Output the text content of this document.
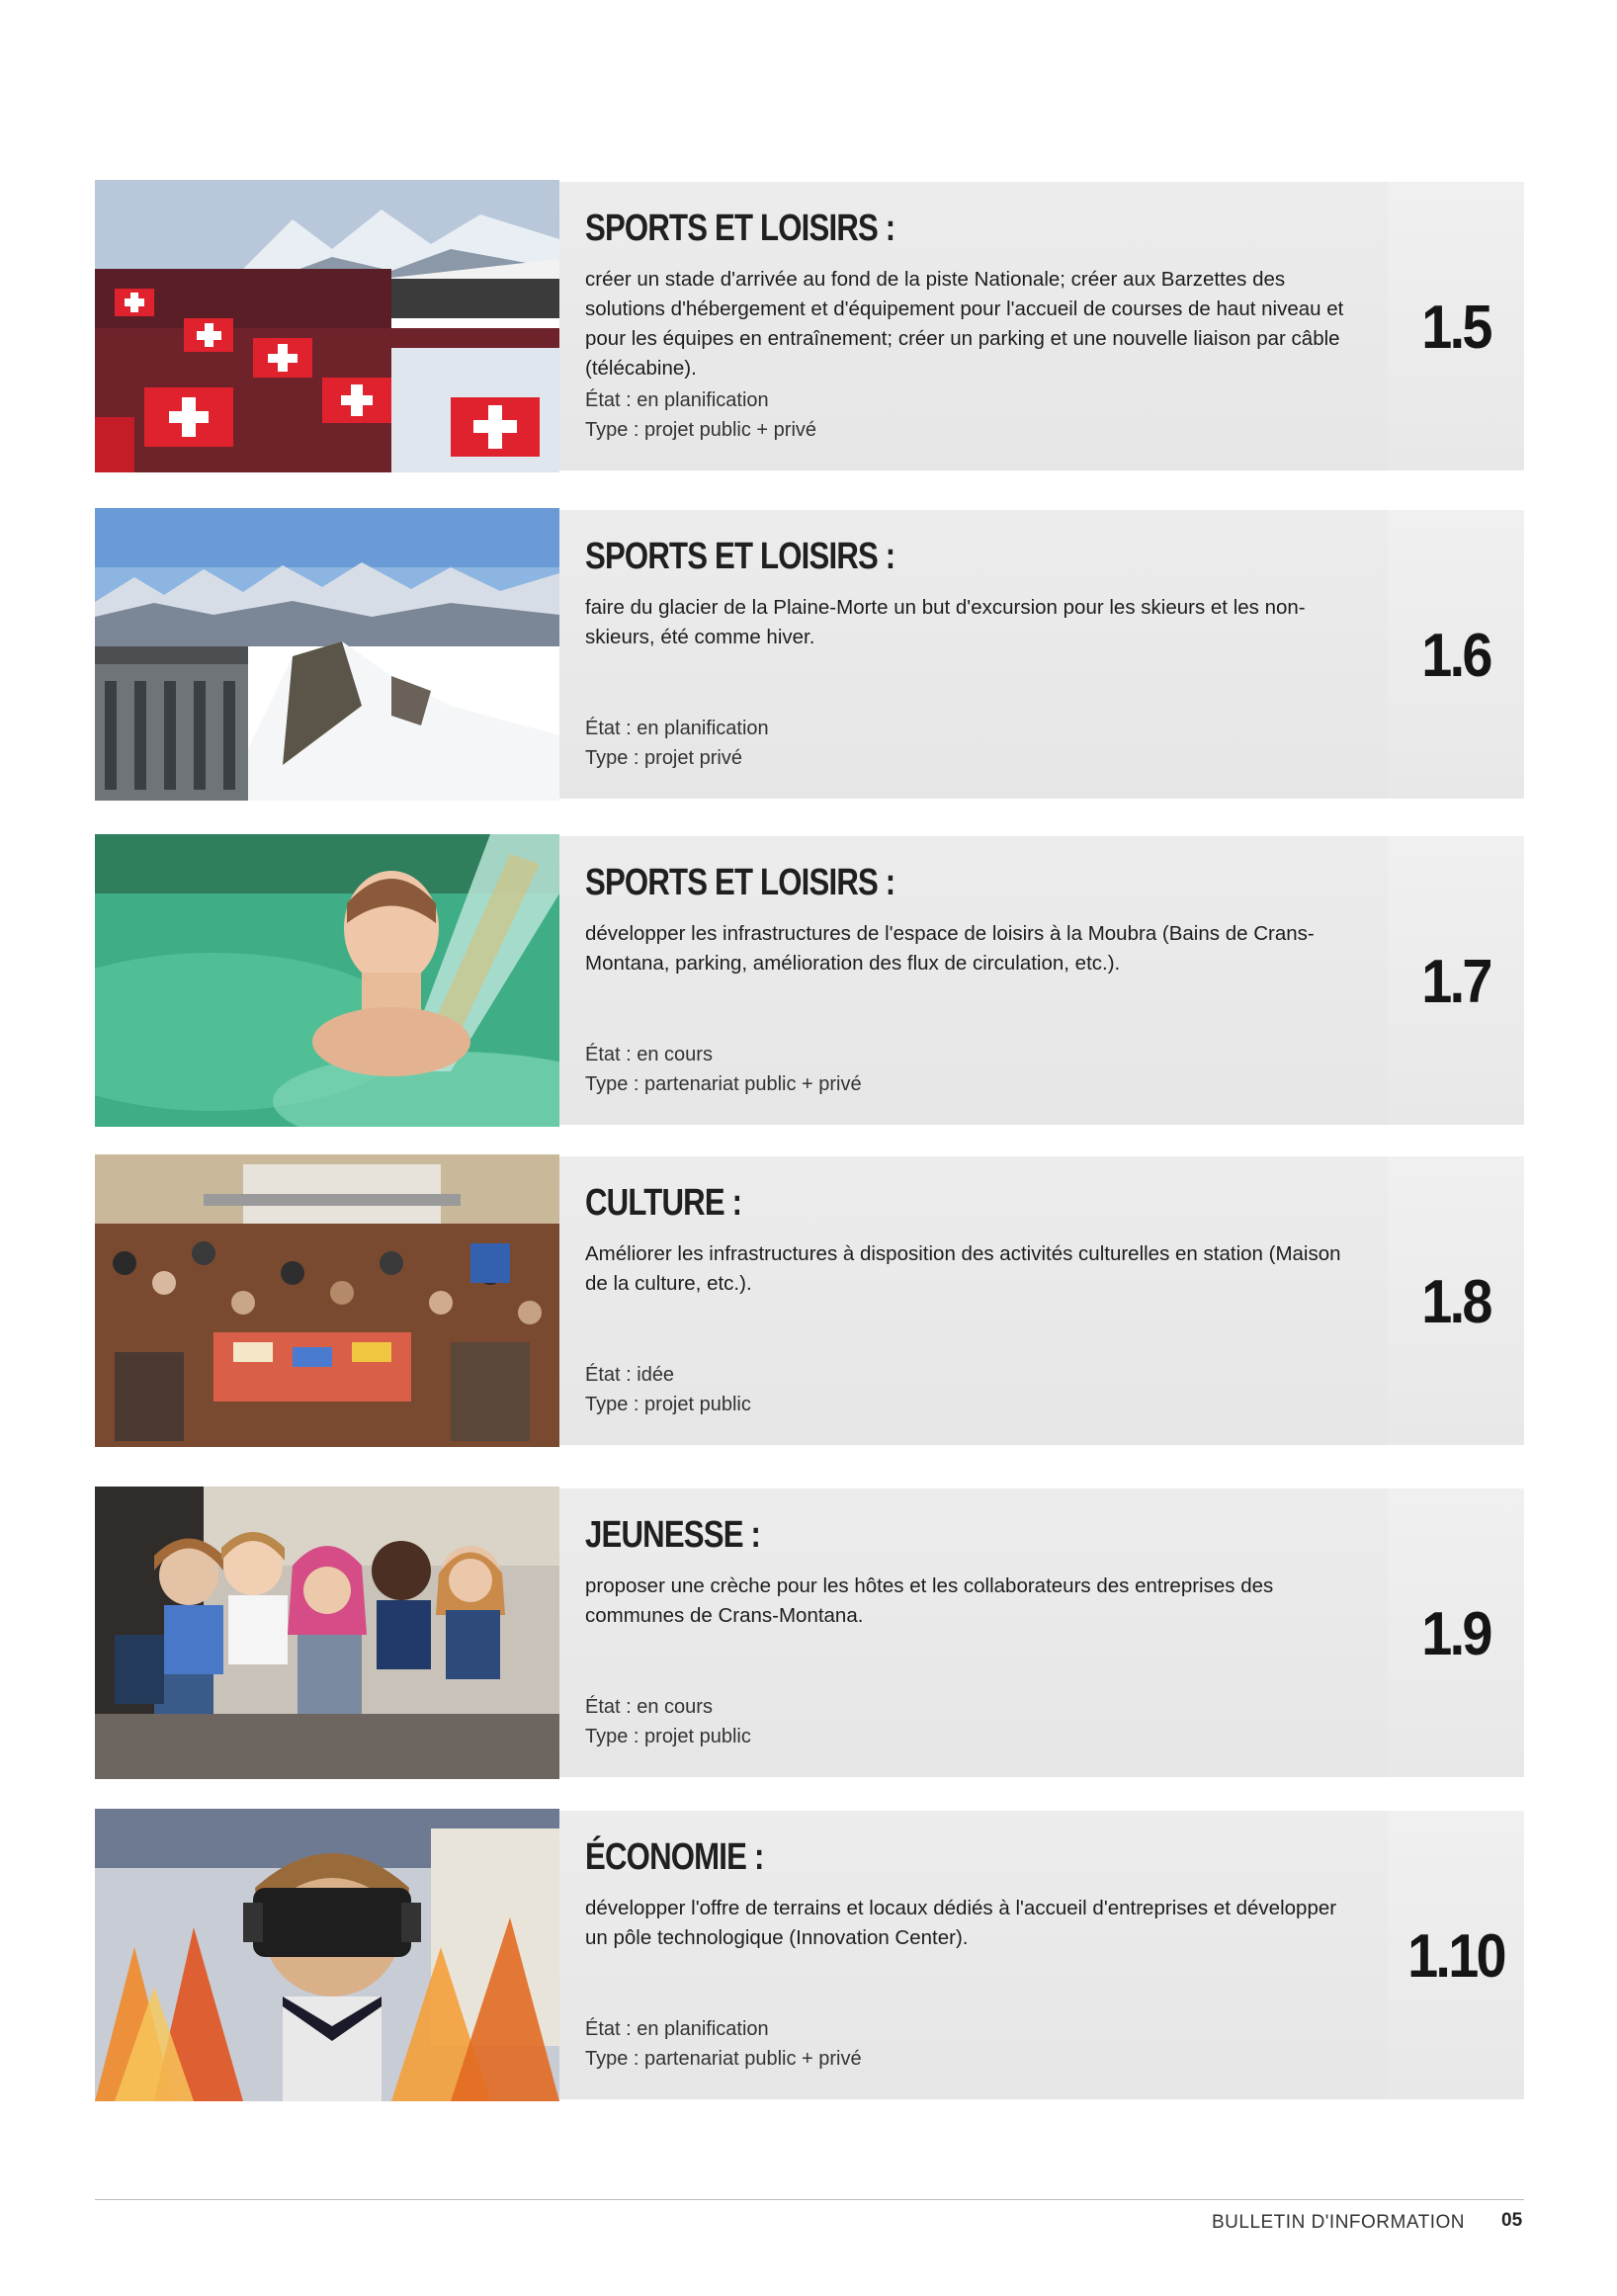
SPORTS ET LOISIRS :

créer un stade d'arrivée au fond de la piste Nationale; créer aux Barzettes des solutions d'hébergement et d'équipement pour l'accueil de courses de haut niveau et pour les équipes en entraînement; créer un parking et une nouvelle liaison par câble (télécabine).

État : en planification
Type : projet public + privé
1.5
SPORTS ET LOISIRS :

faire du glacier de la Plaine-Morte un but d'excursion pour les skieurs et les non-skieurs, été comme hiver.

État : en planification
Type : projet privé
1.6
SPORTS ET LOISIRS :

développer les infrastructures de l'espace de loisirs à la Moubra (Bains de Crans-Montana, parking, amélioration des flux de circulation, etc.).

État : en cours
Type : partenariat public + privé
1.7
CULTURE :

Améliorer les infrastructures à disposition des activités culturelles en station (Maison de la culture, etc.).

État : idée
Type : projet public
1.8
JEUNESSE :

proposer une crèche pour les hôtes et les collaborateurs des entreprises des communes de Crans-Montana.

État : en cours
Type : projet public
1.9
ÉCONOMIE :

développer l'offre de terrains et locaux dédiés à l'accueil d'entreprises et développer un pôle technologique (Innovation Center).

État : en planification
Type : partenariat public + privé
1.10
BULLETIN D'INFORMATION 05
